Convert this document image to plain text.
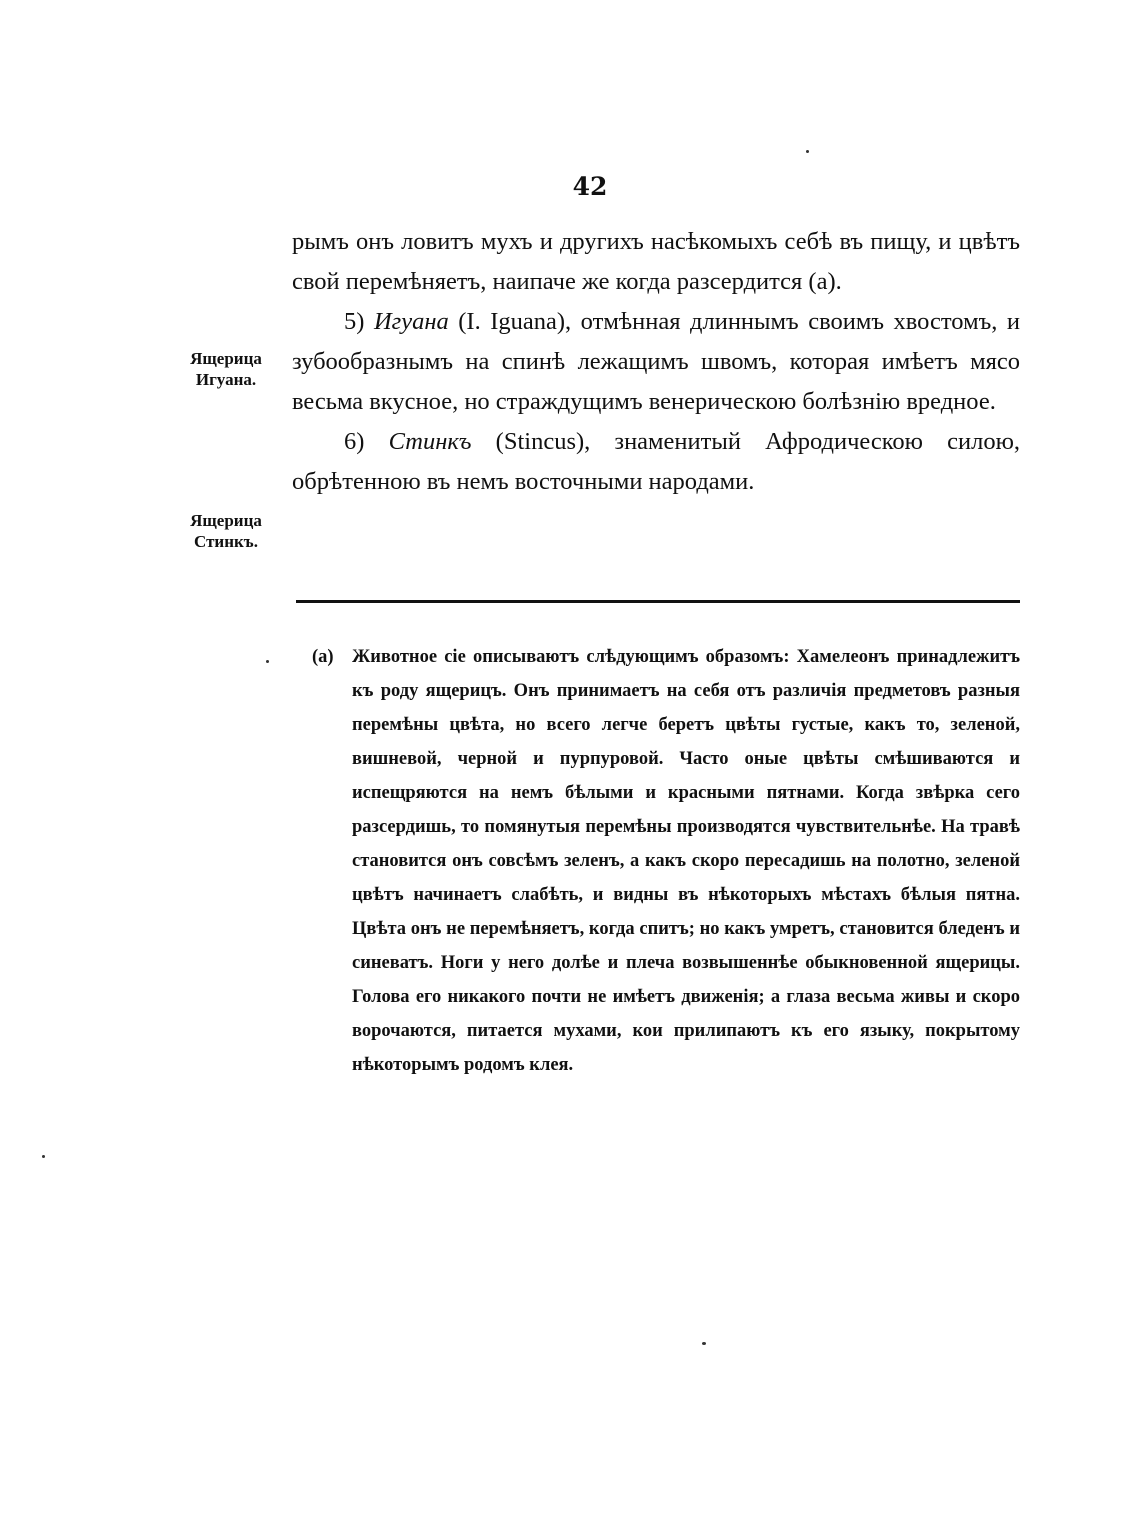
42
Ящерица
Игуана.
Ящерица
Стинкъ.

рымъ онъ ловитъ мухъ и другихъ насѣкомыхъ себѣ въ пищу, и цвѣтъ свой перемѣняетъ, наипаче же когда разсердится (а).

5) Игуана (I. Iguana), отмѣнная длиннымъ своимъ хвостомъ, и зубообразнымъ на спинѣ лежащимъ швомъ, которая имѣетъ мясо весьма вкусное, но страждущимъ венерическою болѣзнію вредное.

6) Стинкъ (Stincus), знаменитый Афродическою силою, обрѣтенною въ немъ восточными народами.

(a) Животное сіе описываютъ слѣдующимъ образомъ: Хамелеонъ принадлежитъ къ роду ящерицъ. Онъ принимаетъ на себя отъ различія предметовъ разныя перемѣны цвѣта, но всего легче беретъ цвѣты густые, какъ то, зеленой, вишневой, черной и пурпуровой. Часто оные цвѣты смѣшиваются и испещряются на немъ бѣлыми и красными пятнами. Когда звѣрка сего разсердишь, то помянутыя перемѣны производятся чувствительнѣе. На травѣ становится онъ совсѣмъ зеленъ, а какъ скоро пересадишь на полотно, зеленой цвѣтъ начинаетъ слабѣть, и видны въ нѣкоторыхъ мѣстахъ бѣлыя пятна. Цвѣта онъ не перемѣняетъ, когда спитъ; но какъ умретъ, становится бледенъ и синеватъ. Ноги у него долѣе и плеча возвышеннѣе обыкновенной ящерицы. Голова его никакого почти не имѣетъ движенія; а глаза весьма живы и скоро ворочаются, питается мухами, кои прилипаютъ къ его языку, покрытому нѣкоторымъ родомъ клея.
